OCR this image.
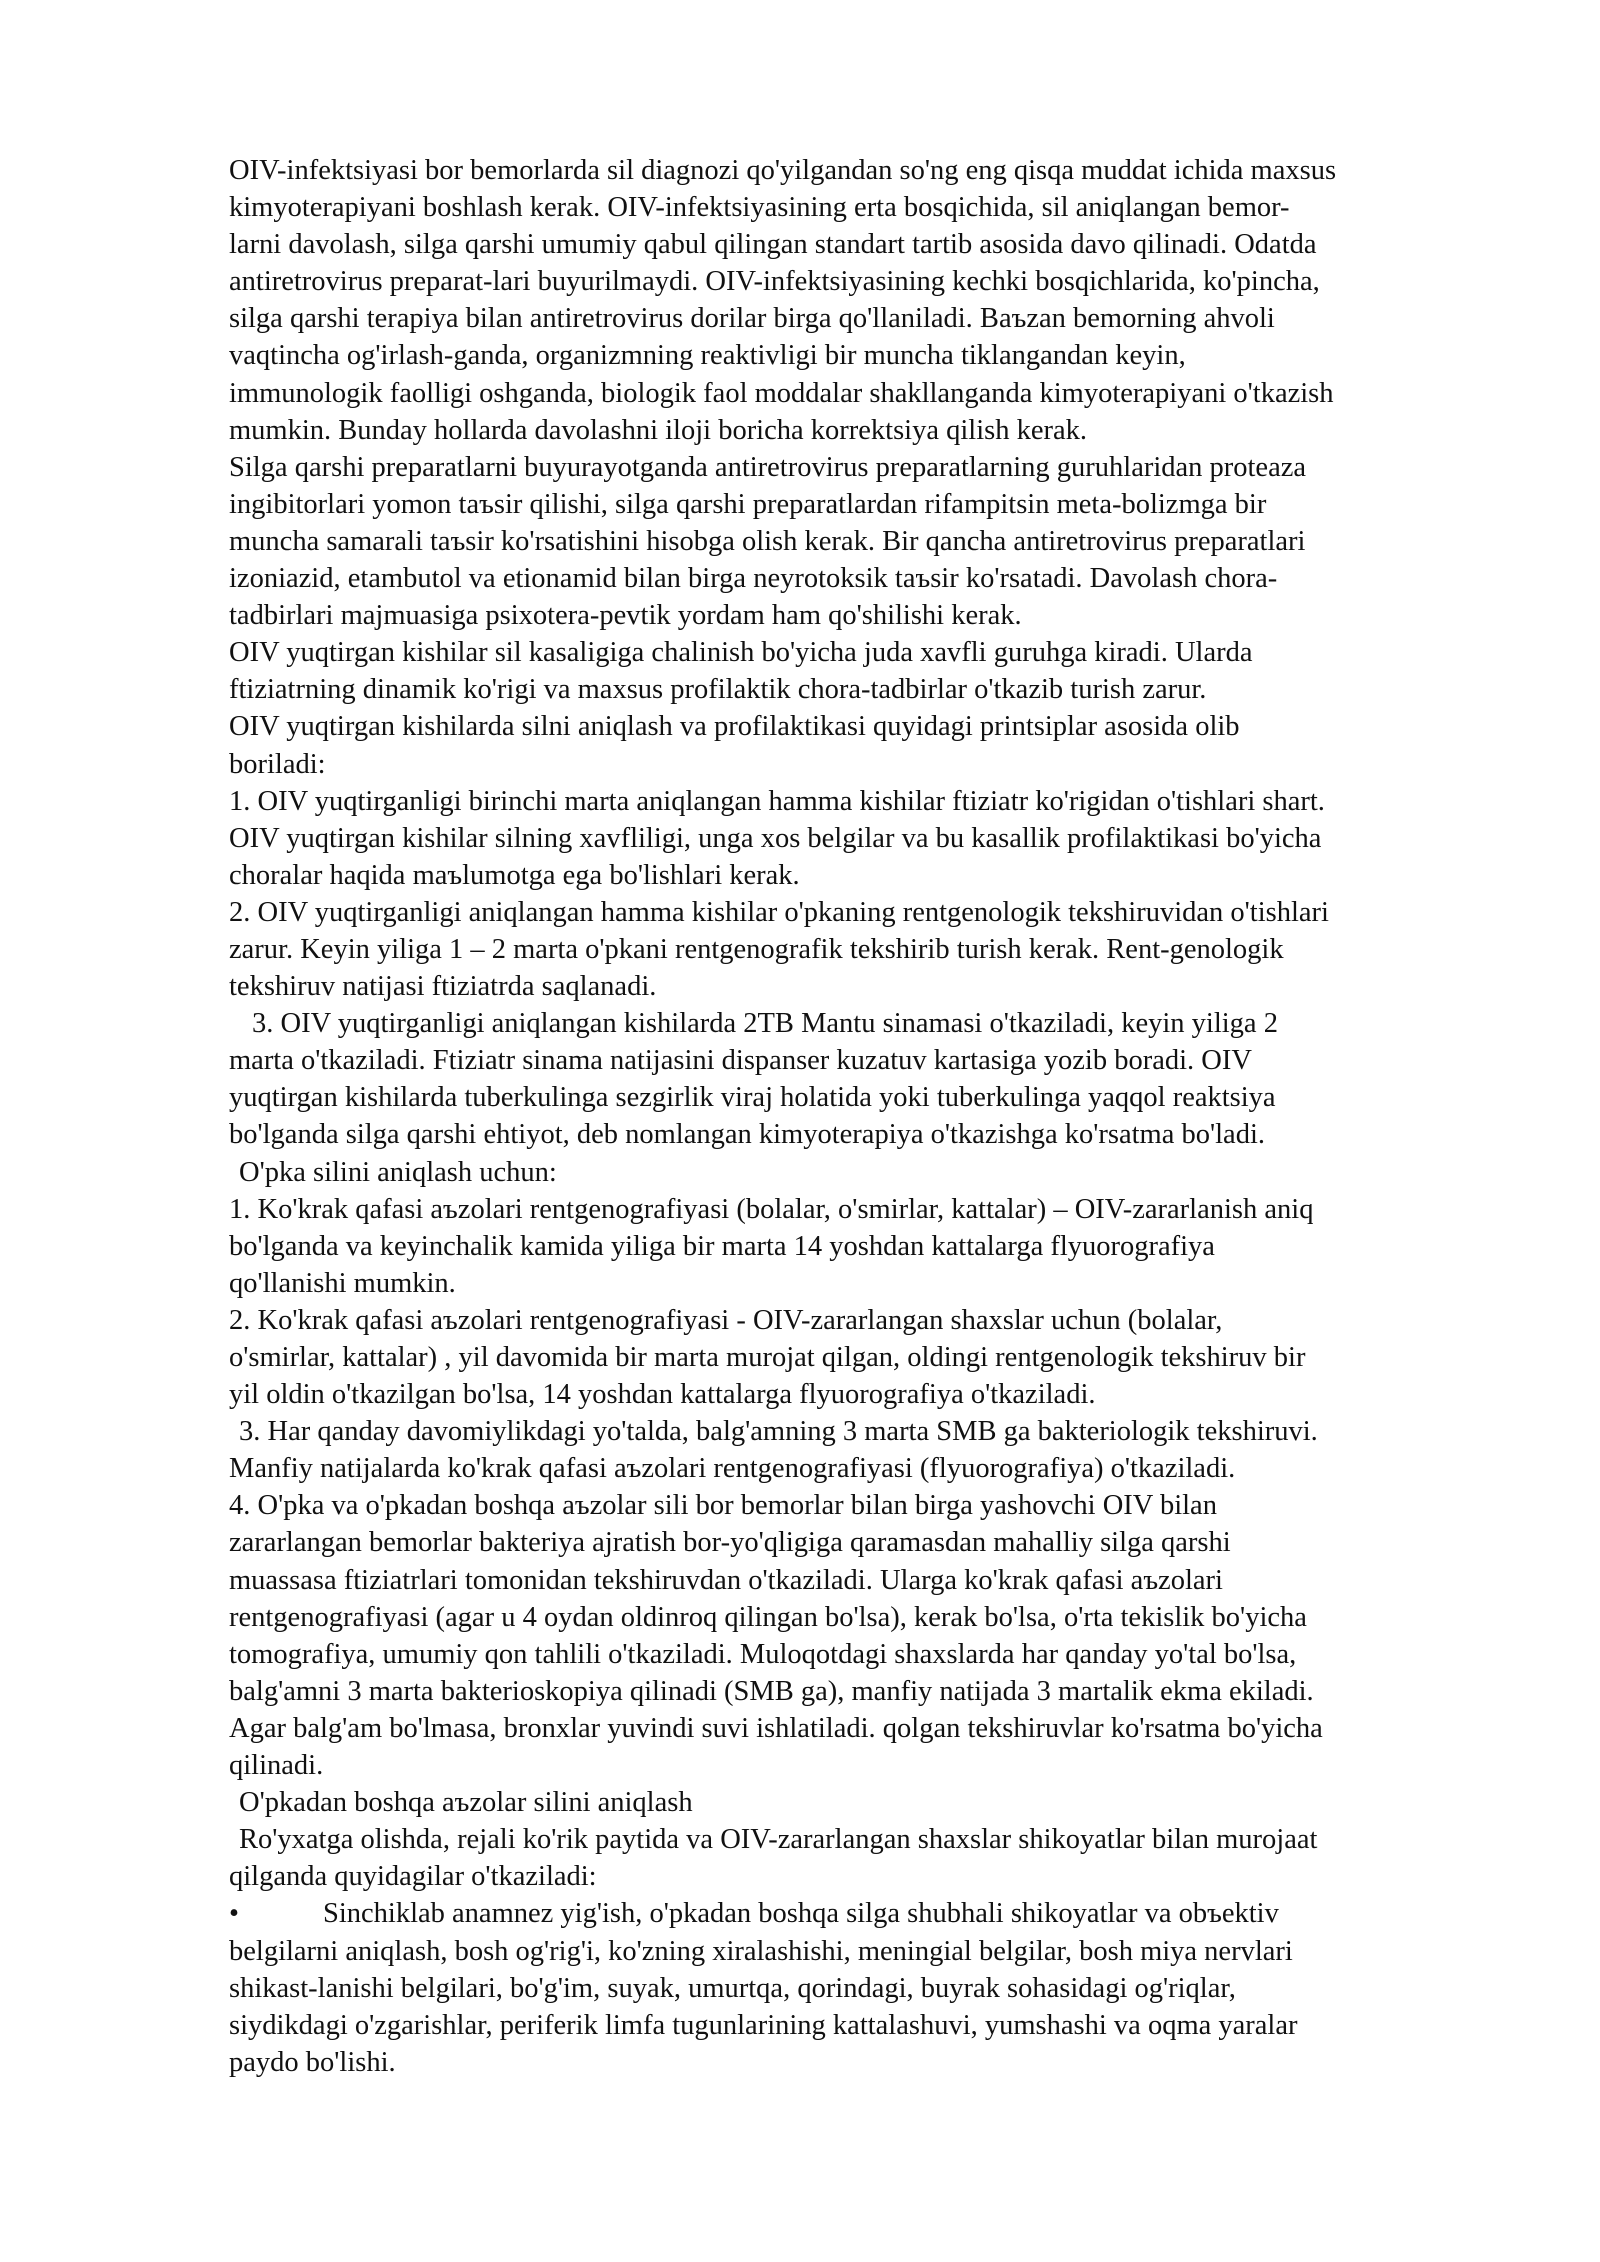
OIV-infektsiyasi bor bemorlarda sil diagnozi qo'yilgandan so'ng eng qisqa muddat ichida maxsus
kimyoterapiyani boshlash kerak. OIV-infektsiyasining erta bosqichida, sil aniqlangan bemor-
larni davolash, silga qarshi umumiy qabul qilingan standart tartib asosida davo qilinadi. Odatda
antiretrovirus preparat-lari buyurilmaydi. OIV-infektsiyasining kechki bosqichlarida, ko'pincha,
silga qarshi terapiya bilan antiretrovirus dorilar birga qo'llaniladi. Baъzan bemorning ahvoli
vaqtincha og'irlash-ganda, organizmning reaktivligi bir muncha tiklangandan keyin,
immunologik faolligi oshganda, biologik faol moddalar shakllanganda kimyoterapiyani o'tkazish
mumkin. Bunday hollarda davolashni iloji boricha korrektsiya qilish kerak.

Silga qarshi preparatlarni buyurayotganda antiretrovirus preparatlarning guruhlaridan proteaza
ingibitorlari yomon taъsir qilishi, silga qarshi preparatlardan rifampitsin meta-bolizmga bir
muncha samarali taъsir ko'rsatishini hisobga olish kerak. Bir qancha antiretrovirus preparatlari
izoniazid, etambutol va etionamid bilan birga neyrotoksik taъsir ko'rsatadi. Davolash chora-
tadbirlari majmuasiga psixotera-pevtik yordam ham qo'shilishi kerak.

OIV yuqtirgan kishilar sil kasaligiga chalinish bo'yicha juda xavfli guruhga kiradi. Ularda
ftiziatrning dinamik ko'rigi va maxsus profilaktik chora-tadbirlar o'tkazib turish zarur.

OIV yuqtirgan kishilarda silni aniqlash va profilaktikasi quyidagi printsiplar asosida olib
boriladi:

1. OIV yuqtirganligi birinchi marta aniqlangan hamma kishilar ftiziatr ko'rigidan o'tishlari shart.
OIV yuqtirgan kishilar silning xavfliligi, unga xos belgilar va bu kasallik profilaktikasi bo'yicha
choralar haqida maъlumotga ega bo'lishlari kerak.

2. OIV yuqtirganligi aniqlangan hamma kishilar o'pkaning rentgenologik tekshiruvidan o'tishlari
zarur. Keyin yiliga 1 – 2 marta o'pkani rentgenografik tekshirib turish kerak. Rent-genologik
tekshiruv natijasi ftiziatrda saqlanadi.

3. OIV yuqtirganligi aniqlangan kishilarda 2TB Mantu sinamasi o'tkaziladi, keyin yiliga 2
marta o'tkaziladi. Ftiziatr sinama natijasini dispanser kuzatuv kartasiga yozib boradi. OIV
yuqtirgan kishilarda tuberkulinga sezgirlik viraj holatida yoki tuberkulinga yaqqol reaktsiya
bo'lganda silga qarshi ehtiyot, deb nomlangan kimyoterapiya o'tkazishga ko'rsatma bo'ladi.

O'pka silini aniqlash uchun:

1. Ko'krak qafasi aъzolari rentgenografiyasi (bolalar, o'smirlar, kattalar) – OIV-zararlanish aniq
bo'lganda va keyinchalik kamida yiliga bir marta 14 yoshdan kattalarga flyuorografiya
qo'llanishi mumkin.

2. Ko'krak qafasi aъzolari rentgenografiyasi - OIV-zararlangan shaxslar uchun (bolalar,
o'smirlar, kattalar) , yil davomida bir marta murojat qilgan, oldingi rentgenologik tekshiruv bir
yil oldin o'tkazilgan bo'lsa, 14 yoshdan kattalarga flyuorografiya o'tkaziladi.

3. Har qanday davomiylikdagi yo'talda, balg'amning 3 marta SMB ga bakteriologik tekshiruvi.
Manfiy natijalarda ko'krak qafasi aъzolari rentgenografiyasi (flyuorografiya) o'tkaziladi.

4. O'pka va o'pkadan boshqa aъzolar sili bor bemorlar bilan birga yashovchi OIV bilan
zararlangan bemorlar bakteriya ajratish bor-yo'qligiga qaramasdan mahalliy silga qarshi
muassasa ftiziatrlari tomonidan tekshiruvdan o'tkaziladi. Ularga ko'krak qafasi aъzolari
rentgenografiyasi (agar u 4 oydan oldinroq qilingan bo'lsa), kerak bo'lsa, o'rta tekislik bo'yicha
tomografiya, umumiy qon tahlili o'tkaziladi. Muloqotdagi shaxslarda har qanday yo'tal bo'lsa,
balg'amni 3 marta bakterioskopiya qilinadi (SMB ga), manfiy natijada 3 martalik ekma ekiladi.
Agar balg'am bo'lmasa, bronxlar yuvindi suvi ishlatiladi. qolgan tekshiruvlar ko'rsatma bo'yicha
qilinadi.

O'pkadan boshqa aъzolar silini aniqlash

Ro'yxatga olishda, rejali ko'rik paytida va OIV-zararlangan shaxslar shikoyatlar bilan murojaat
qilganda quyidagilar o'tkaziladi:

•	Sinchiklab anamnez yig'ish, o'pkadan boshqa silga shubhali shikoyatlar va obъektiv
belgilarni aniqlash, bosh og'rig'i, ko'zning xiralashishi, meningial belgilar, bosh miya nervlari
shikast-lanishi belgilari, bo'g'im, suyak, umurtqa, qorindagi, buyrak sohasidagi og'riqlar,
siydikdagi o'zgarishlar, periferik limfa tugunlarining kattalashuvi, yumshashi va oqma yaralar
paydo bo'lishi.
